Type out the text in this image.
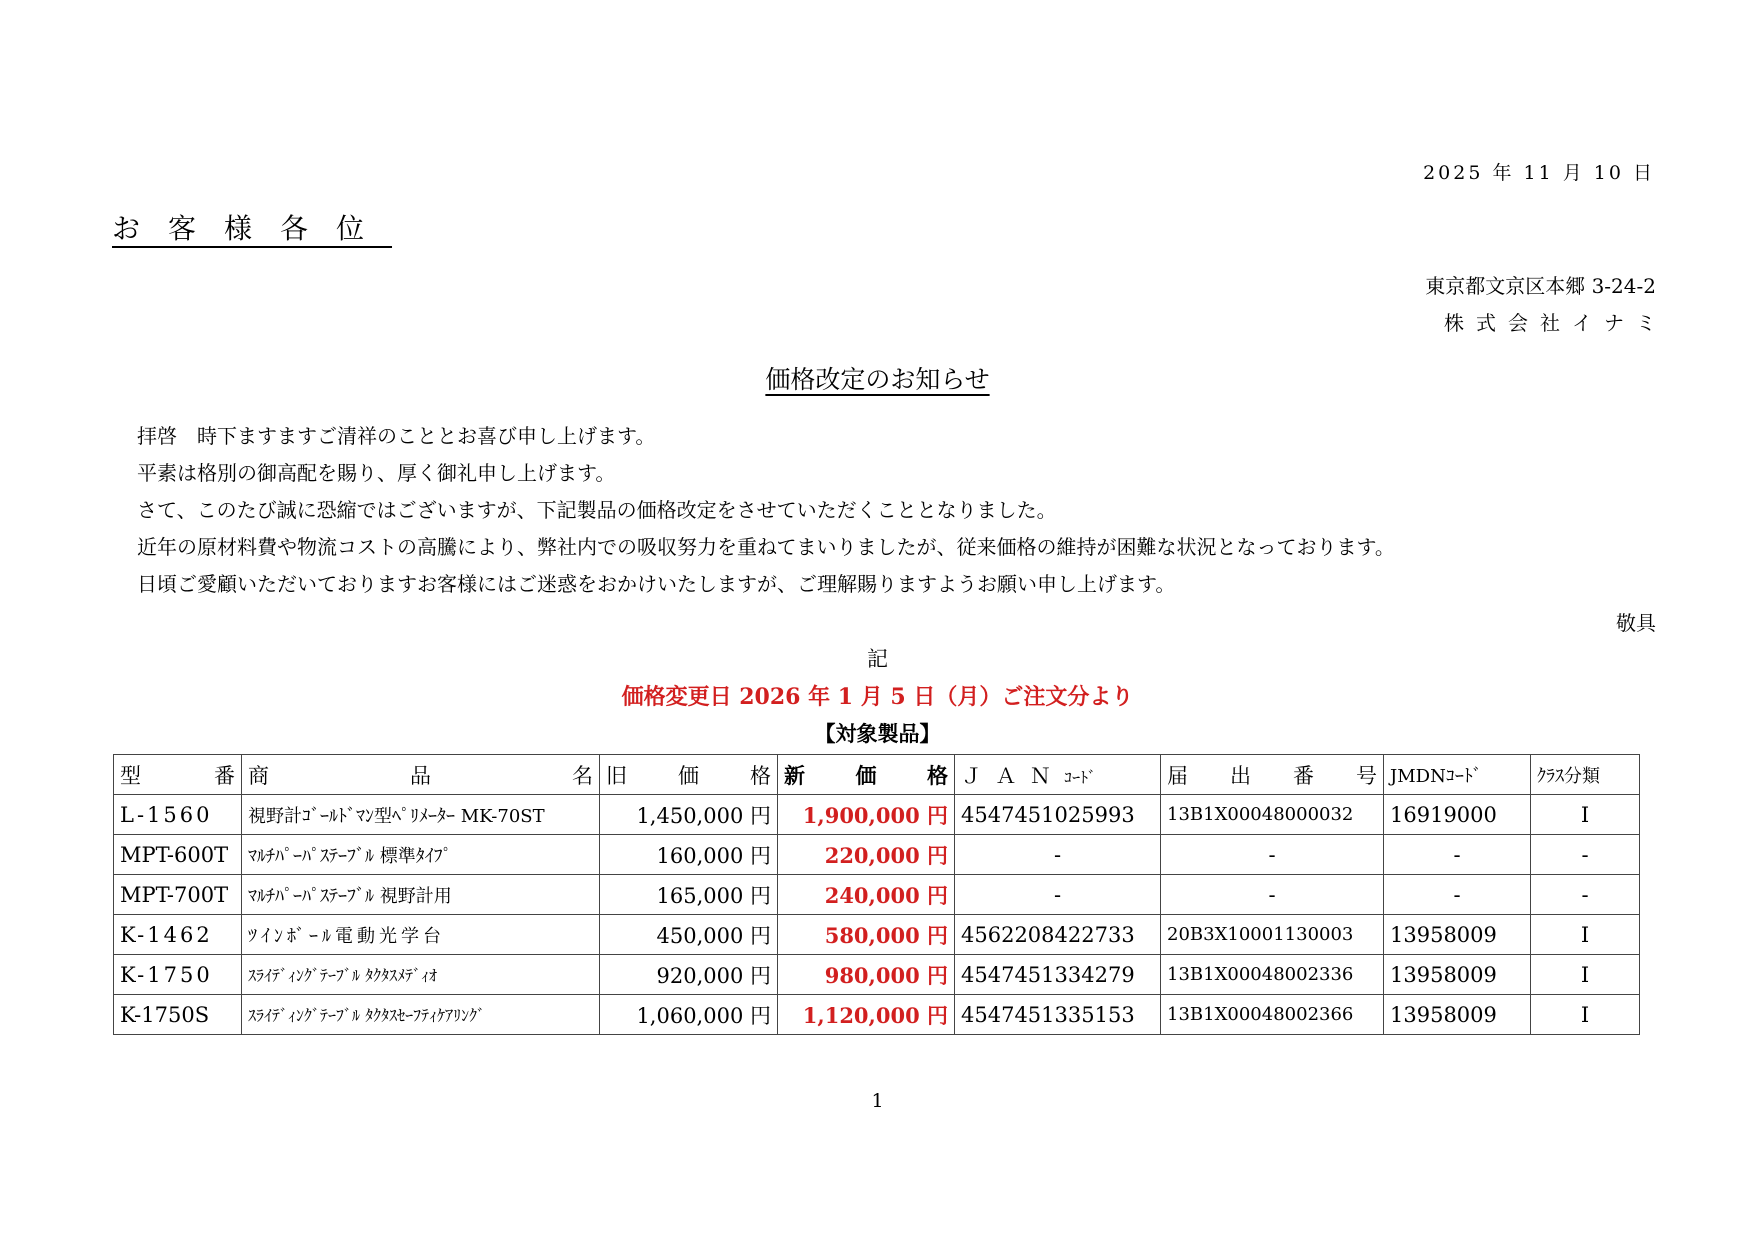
2025 年 11 月 10 日
お客様各位
東京都文京区本郷 3-24-2
株式会社イナミ
価格改定のお知らせ

拝啓　時下ますますご清祥のこととお喜び申し上げます。

平素は格別の御高配を賜り、厚く御礼申し上げます。

さて、このたび誠に恐縮ではございますが、下記製品の価格改定をさせていただくこととなりました。

近年の原材料費や物流コストの高騰により、弊社内での吸収努力を重ねてまいりましたが、従来価格の維持が困難な状況となっております。

日頃ご愛顧いただいておりますお客様にはご迷惑をおかけいたしますが、ご理解賜りますようお願い申し上げます。

敬具
記
価格変更日 2026 年 1 月 5 日（月）ご注文分より
【対象製品】
型 番	商 品 名	旧 価 格	新 価 格	Ｊ Ａ Ｎ ｺｰﾄﾞ	届 出 番 号	JMDNｺｰﾄﾞ	ｸﾗｽ分類
L-1560	視野計ｺﾞｰﾙﾄﾞﾏﾝ型ﾍﾟﾘﾒｰﾀｰ MK-70ST	1,450,000 円	1,900,000 円	4547451025993	13B1X00048000032	16919000	I
MPT-600T	ﾏﾙﾁﾊﾟｰﾊﾟｽﾃｰﾌﾞﾙ 標準ﾀｲﾌﾟ	160,000 円	220,000 円	-	-	-	-
MPT-700T	ﾏﾙﾁﾊﾟｰﾊﾟｽﾃｰﾌﾞﾙ 視野計用	165,000 円	240,000 円	-	-	-	-
K-1462	ﾂｲﾝﾎﾞｰﾙ電動光学台	450,000 円	580,000 円	4562208422733	20B3X10001130003	13958009	I
K-1750	ｽﾗｲﾃﾞｨﾝｸﾞﾃｰﾌﾞﾙ ﾀｸﾀｽﾒﾃﾞｨｵ	920,000 円	980,000 円	4547451334279	13B1X00048002336	13958009	I
K-1750S	ｽﾗｲﾃﾞｨﾝｸﾞﾃｰﾌﾞﾙ ﾀｸﾀｽｾｰﾌﾃｨｹｱﾘﾝｸﾞ	1,060,000 円	1,120,000 円	4547451335153	13B1X00048002366	13958009	I
1
